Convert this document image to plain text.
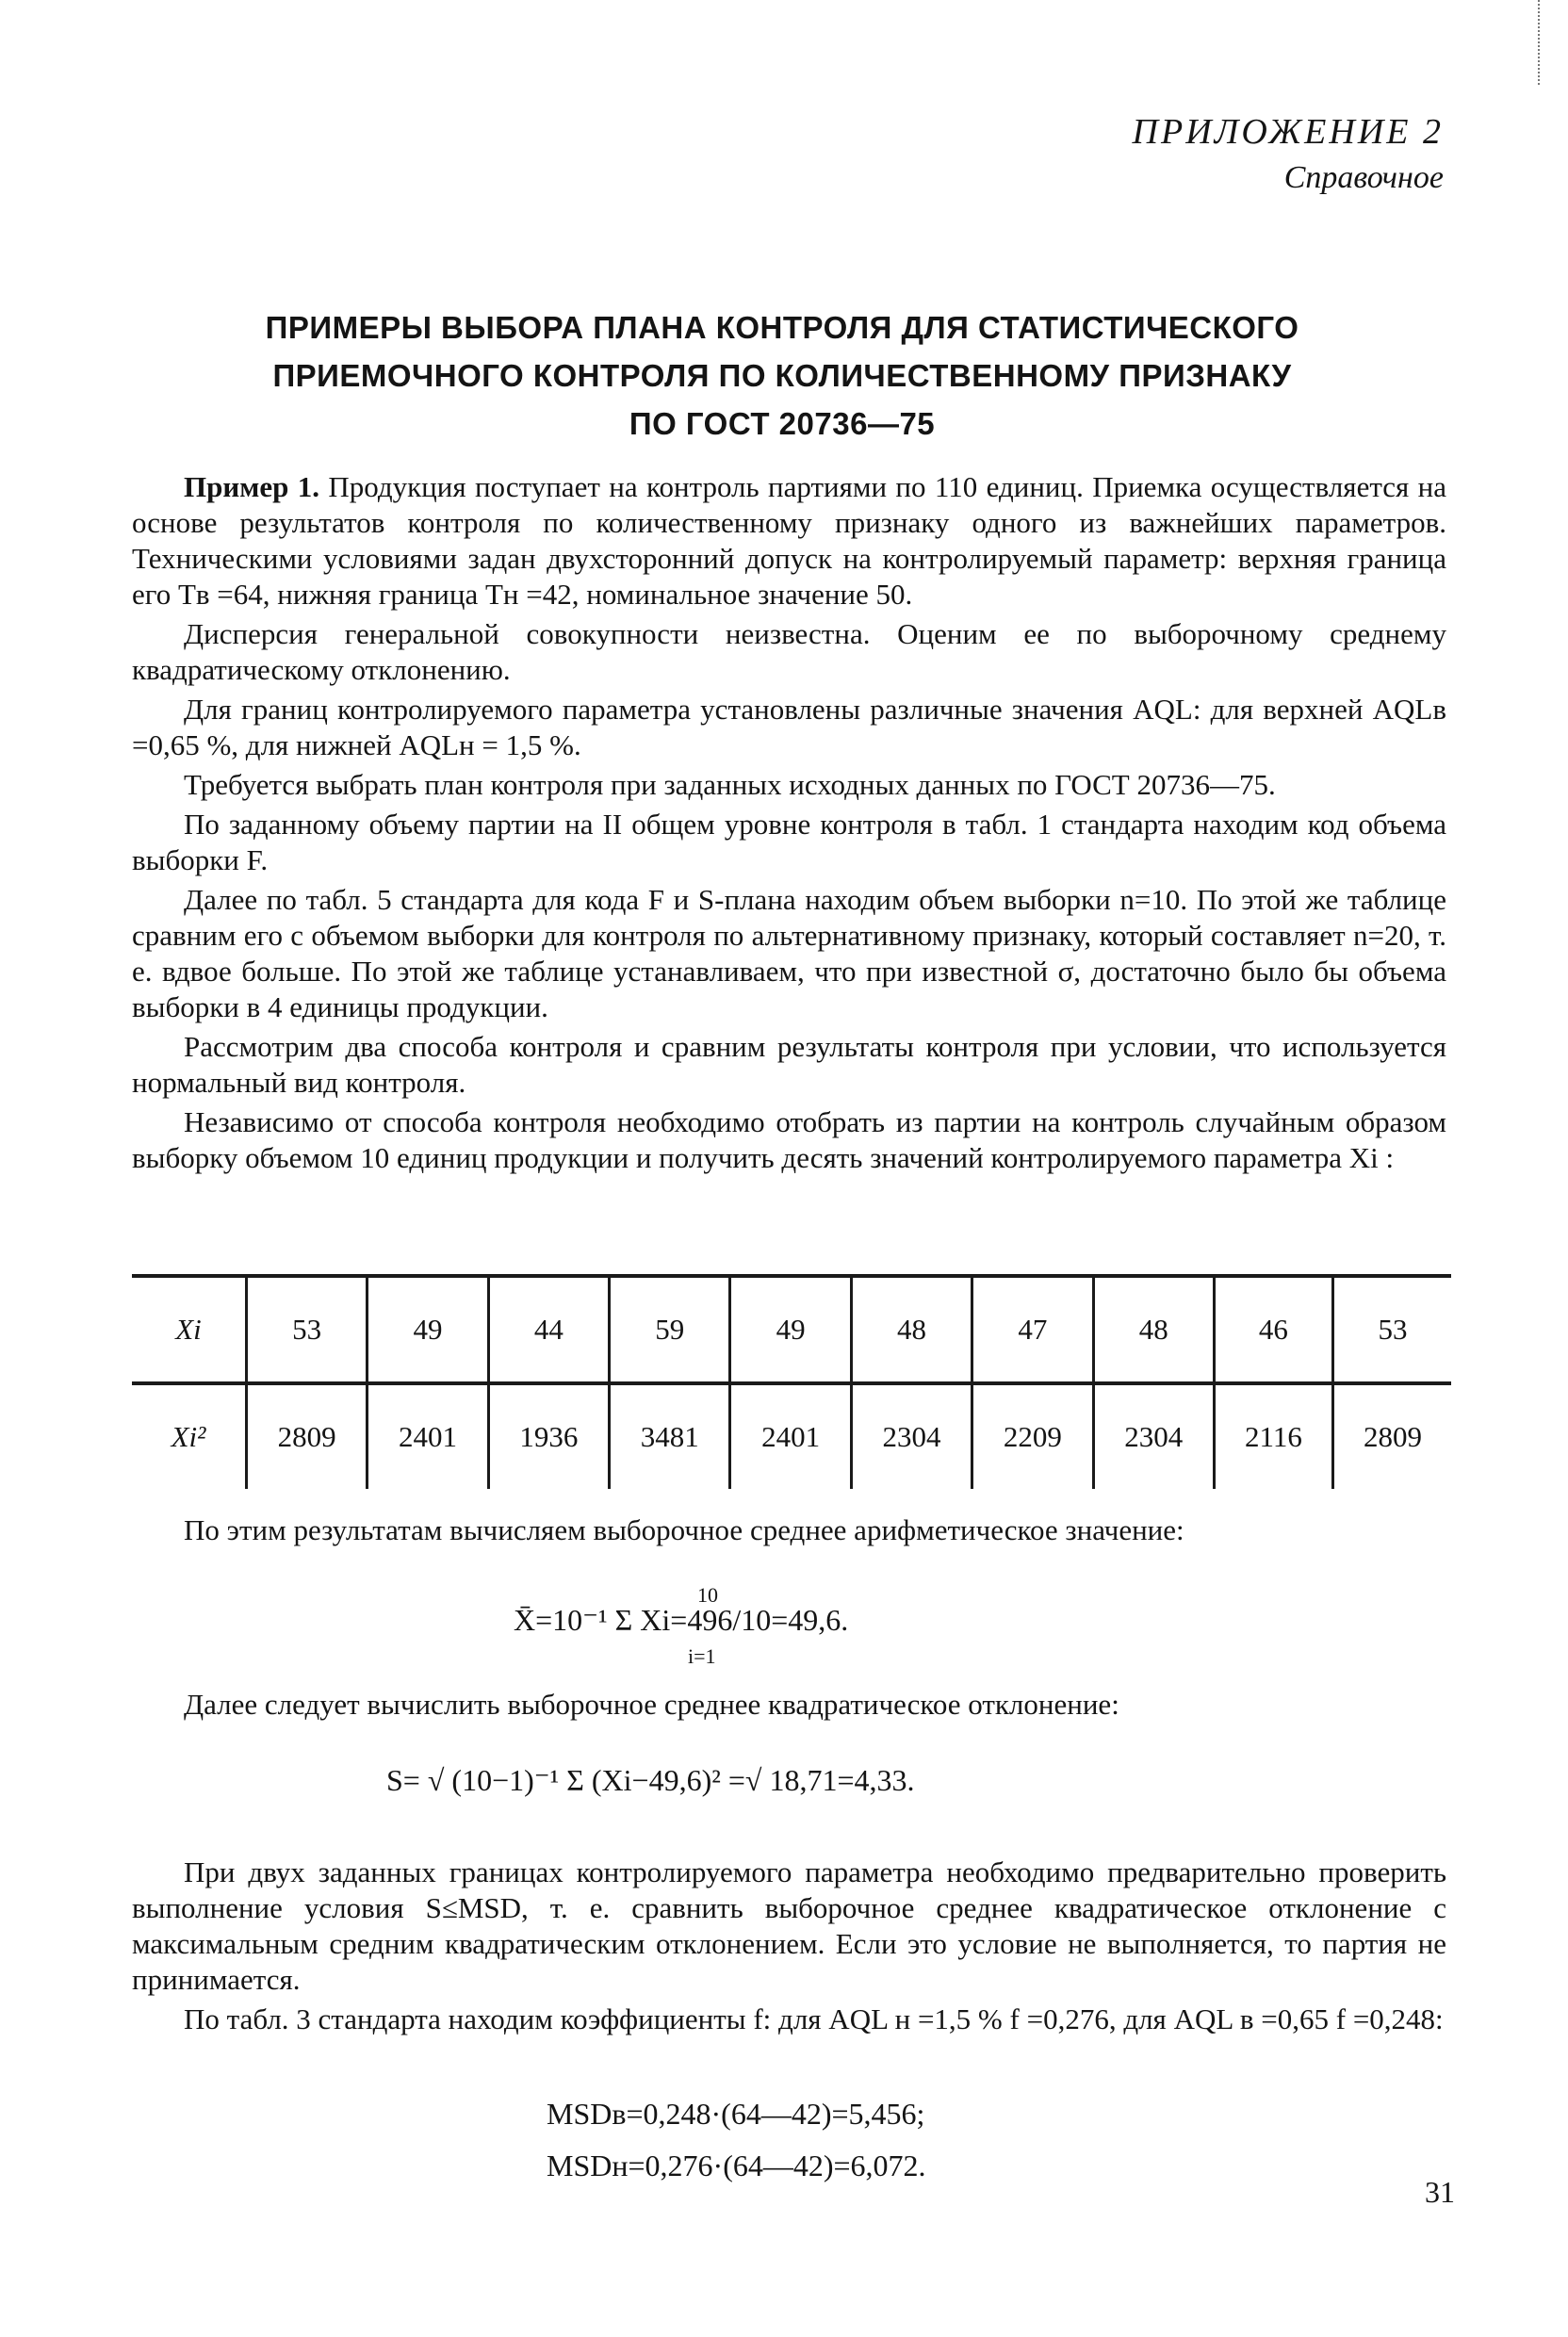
ПРИЛОЖЕНИЕ 2
Справочное
ПРИМЕРЫ ВЫБОРА ПЛАНА КОНТРОЛЯ ДЛЯ СТАТИСТИЧЕСКОГО
ПРИЕМОЧНОГО КОНТРОЛЯ ПО КОЛИЧЕСТВЕННОМУ ПРИЗНАКУ
ПО ГОСТ 20736—75

Пример 1. Продукция поступает на контроль партиями по 110 единиц. Приемка осуществляется на основе результатов контроля по количественному признаку одного из важнейших параметров. Техническими условиями задан двухсторонний допуск на контролируемый параметр: верхняя граница его Tв =64, нижняя граница Tн =42, номинальное значение 50.

Дисперсия генеральной совокупности неизвестна. Оценим ее по выборочному среднему квадратическому отклонению.

Для границ контролируемого параметра установлены различные значения AQL: для верхней AQLв =0,65 %, для нижней AQLн = 1,5 %.

Требуется выбрать план контроля при заданных исходных данных по ГОСТ 20736—75.

По заданному объему партии на II общем уровне контроля в табл. 1 стандарта находим код объема выборки F.

Далее по табл. 5 стандарта для кода F и S-плана находим объем выборки n=10. По этой же таблице сравним его с объемом выборки для контроля по альтернативному признаку, который составляет n=20, т. е. вдвое больше. По этой же таблице устанавливаем, что при известной σ, достаточно было бы объема выборки в 4 единицы продукции.

Рассмотрим два способа контроля и сравним результаты контроля при условии, что используется нормальный вид контроля.

Независимо от способа контроля необходимо отобрать из партии на контроль случайным образом выборку объемом 10 единиц продукции и получить десять значений контролируемого параметра Xi :

Xi	53	49	44	59	49	48	47	48	46	53
Xi²	2809	2401	1936	3481	2401	2304	2209	2304	2116	2809

По этим результатам вычисляем выборочное среднее арифметическое значение:

10
X̄=10⁻¹ Σ Xi=496/10=49,6.
i=1

Далее следует вычислить выборочное среднее квадратическое отклонение:

S= √ (10−1)⁻¹ Σ (Xi−49,6)² =√ 18,71=4,33.

При двух заданных границах контролируемого параметра необходимо предварительно проверить выполнение условия S≤MSD, т. е. сравнить выборочное среднее квадратическое отклонение с максимальным средним квадратическим отклонением. Если это условие не выполняется, то партия не принимается.

По табл. 3 стандарта находим коэффициенты f: для AQL н =1,5 % f =0,276, для AQL в =0,65 f =0,248:

MSDв=0,248·(64—42)=5,456;
MSDн=0,276·(64—42)=6,072.
31
